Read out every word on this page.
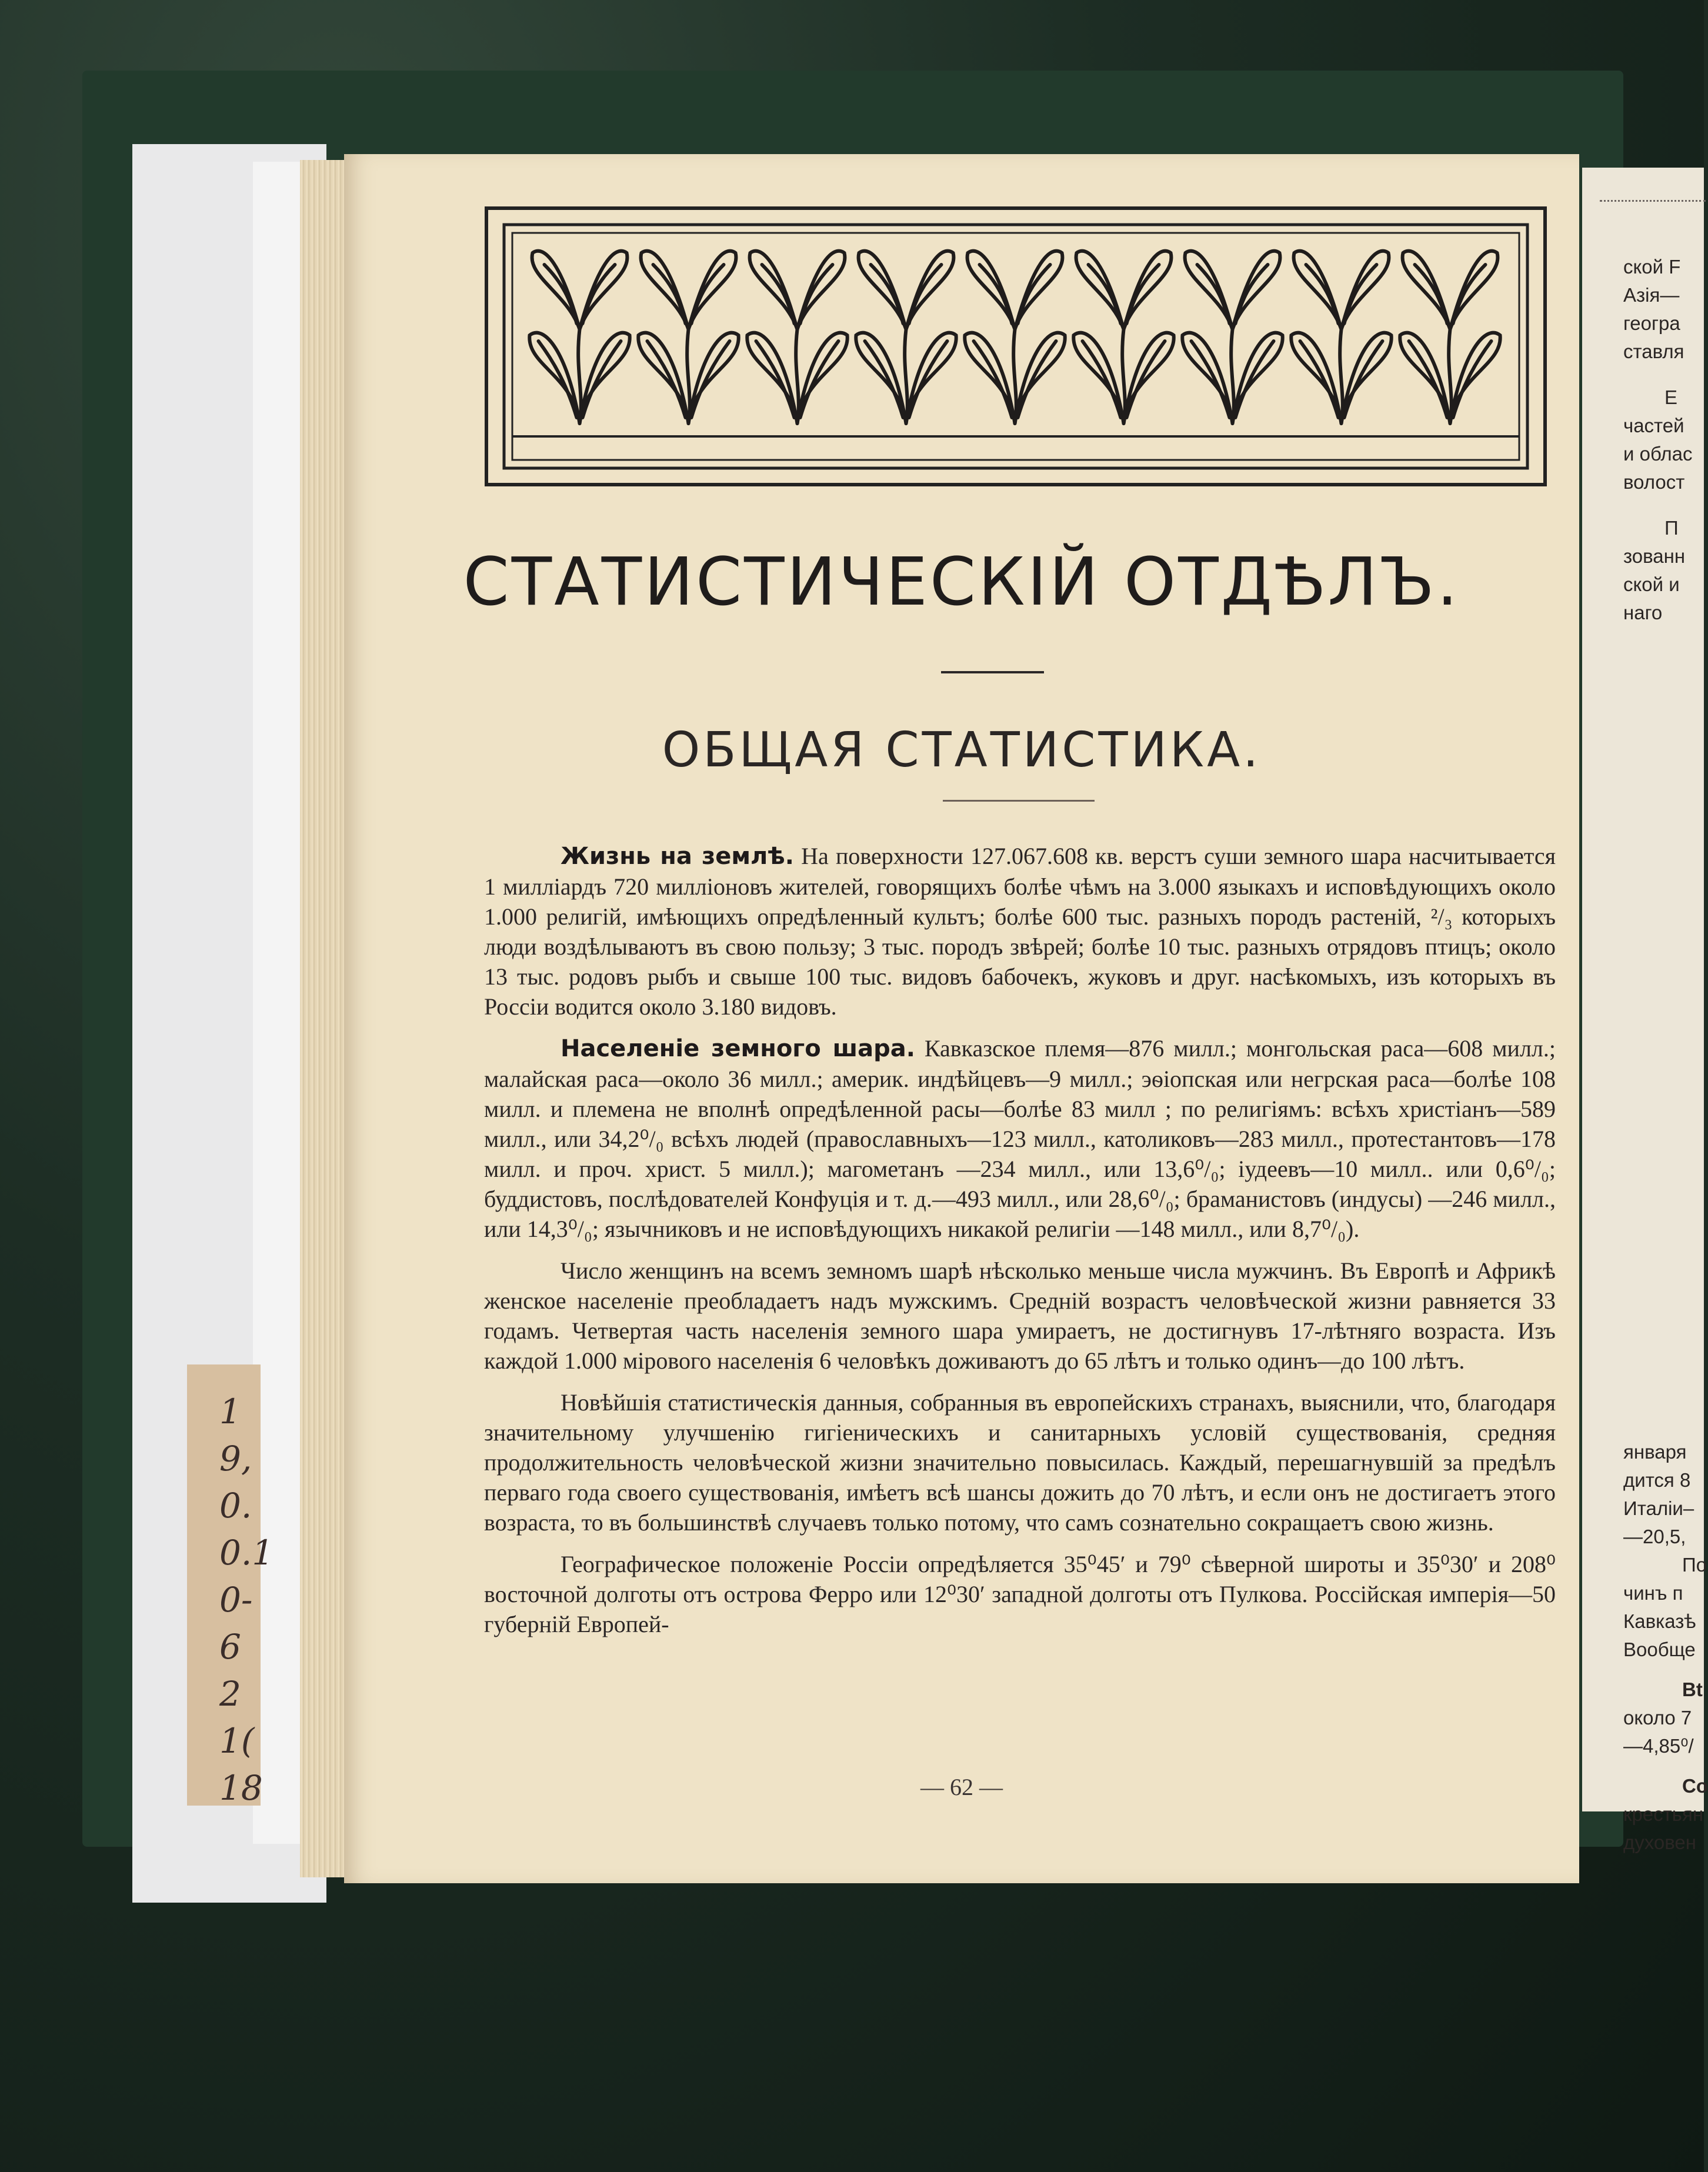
1
9,
0.
0.1
0-
6
2
1(
18
ской F
Азiя—
геогра
ставля
Е
частей
и облас
волост
П
зованн
ской и
наго
января
дится 8
Италiи–
—20,5,
По
чинъ п
Кавказѣ
Вообще
Вt
около 7
—4,85⁰/
Со
крестьян
духовен
СТАТИСТИЧЕСКIЙ ОТДѢЛЪ.
ОБЩАЯ СТАТИСТИКА.

Жизнь на землѣ. На поверхности 127.067.608 кв. верстъ суши земного шара насчитывается 1 миллiардъ 720 миллiоновъ жителей, говорящихъ болѣе чѣмъ на 3.000 языкахъ и исповѣдующихъ около 1.000 религiй, имѣющихъ опредѣленный культъ; болѣе 600 тыс. разныхъ породъ растенiй, ²/₃ которыхъ люди воздѣлываютъ въ свою пользу; 3 тыс. породъ звѣрей; болѣе 10 тыс. разныхъ отрядовъ птицъ; около 13 тыс. родовъ рыбъ и свыше 100 тыс. видовъ бабочекъ, жуковъ и друг. насѣкомыхъ, изъ которыхъ въ Россiи водится около 3.180 видовъ.

Населенiе земного шара. Кавказское племя—876 милл.; монгольская раса—608 милл.; малайская раса—около 36 милл.; америк. индѣйцевъ—9 милл.; эѳiопская или негрская раса—болѣе 108 милл. и племена не вполнѣ опредѣленной расы—болѣе 83 милл ; по религiямъ: всѣхъ христiанъ—589 милл., или 34,2⁰/₀ всѣхъ людей (православныхъ—123 милл., католиковъ—283 милл., протестантовъ—178 милл. и проч. христ. 5 милл.); магометанъ —234 милл., или 13,6⁰/₀; iудеевъ—10 милл.. или 0,6⁰/₀; буддистовъ, послѣдователей Конфуцiя и т. д.—493 милл., или 28,6⁰/₀; браманистовъ (индусы) —246 милл., или 14,3⁰/₀; язычниковъ и не исповѣдующихъ никакой религiи —148 милл., или 8,7⁰/₀).

Число женщинъ на всемъ земномъ шарѣ нѣсколько меньше числа мужчинъ. Въ Европѣ и Африкѣ женское населенiе преобладаетъ надъ мужскимъ. Среднiй возрастъ человѣческой жизни равняется 33 годамъ. Четвертая часть населенiя земного шара умираетъ, не достигнувъ 17-лѣтняго возраста. Изъ каждой 1.000 мiрового населенiя 6 человѣкъ доживаютъ до 65 лѣтъ и только одинъ—до 100 лѣтъ.

Новѣйшiя статистическiя данныя, собранныя въ европейскихъ странахъ, выяснили, что, благодаря значительному улучшенiю гигiеническихъ и санитарныхъ условiй существованiя, средняя продолжительность человѣческой жизни значительно повысилась. Каждый, перешагнувшiй за предѣлъ перваго года своего существованiя, имѣетъ всѣ шансы дожить до 70 лѣтъ, и если онъ не достигаетъ этого возраста, то въ большинствѣ случаевъ только потому, что самъ сознательно сокращаетъ свою жизнь.

Географическое положенiе Россiи опредѣляется 35⁰45′ и 79⁰ сѣверной широты и 35⁰30′ и 208⁰ восточной долготы отъ острова Ферро или 12⁰30′ западной долготы отъ Пулкова. Россiйская имперiя—50 губернiй Европей-

— 62 —
